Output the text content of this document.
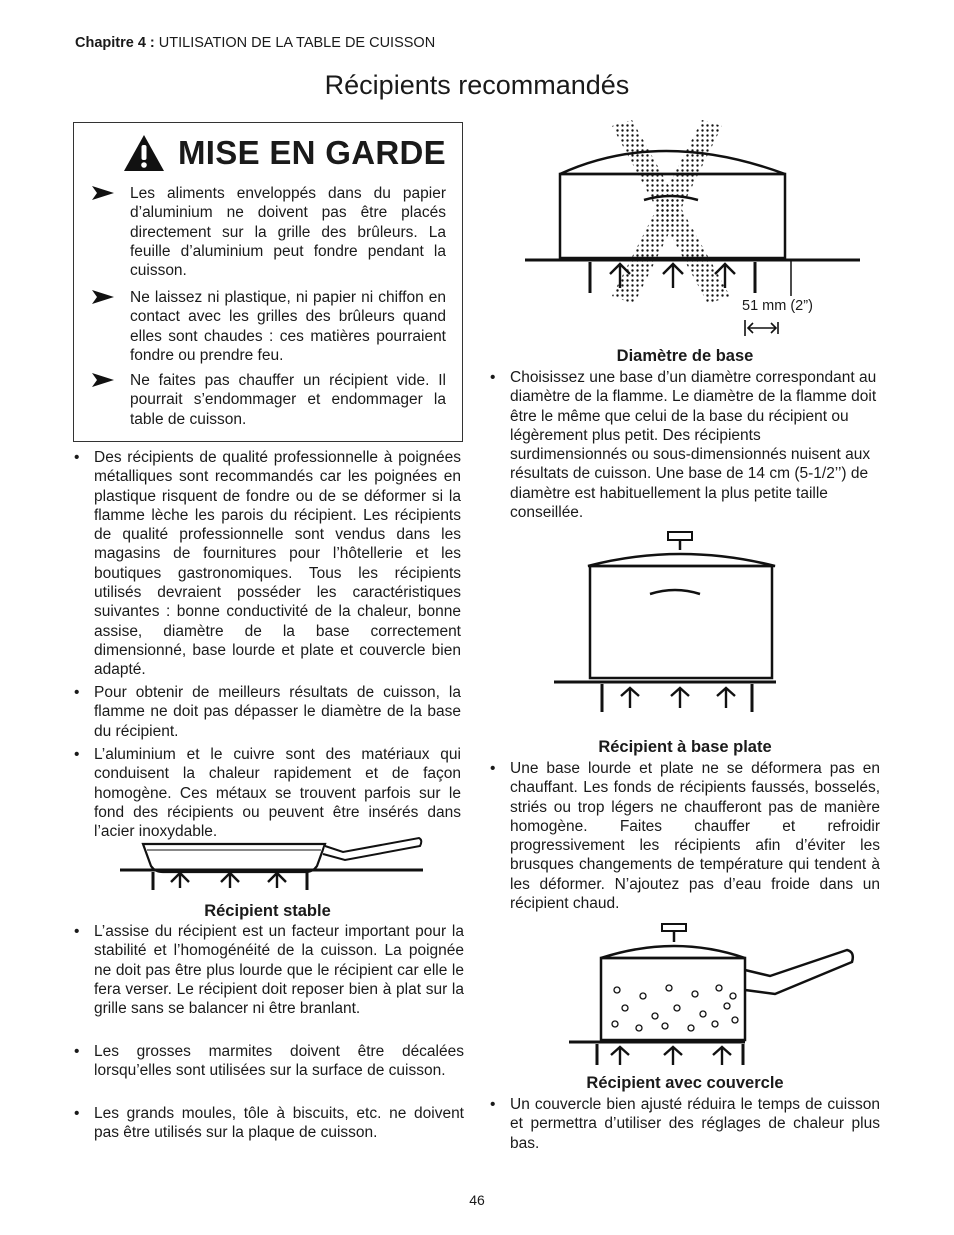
Chapitre 4 : UTILISATION DE LA TABLE DE CUISSON
Récipients recommandés
MISE EN GARDE
Les aliments enveloppés dans du papier d’aluminium ne doivent pas être placés directement sur la grille des brûleurs. La feuille d’aluminium peut fondre pendant la cuisson.
Ne laissez ni plastique, ni papier ni chiffon en contact avec les grilles des brûleurs quand elles sont chaudes : ces matières pourraient fondre ou prendre feu.
Ne faites pas chauffer un récipient vide. Il pourrait s’endommager et endommager la table de cuisson.
• Des récipients de qualité professionnelle à poignées métalliques sont recommandés car les poignées en plastique risquent de fondre ou de se déformer si la flamme lèche les parois du récipient. Les récipients de qualité professionnelle sont vendus dans les magasins de fournitures pour l’hôtellerie et les boutiques gastronomiques. Tous les récipients utilisés devraient posséder les caractéristiques suivantes : bonne conductivité de la chaleur, bonne assise, diamètre de la base correctement dimensionné, base lourde et plate et couvercle bien adapté.
• Pour obtenir de meilleurs résultats de cuisson, la flamme ne doit pas dépasser le diamètre de la base du récipient.
• L’aluminium et le cuivre sont des matériaux qui conduisent la chaleur rapidement et de façon homogène. Ces métaux se trouvent parfois sur le fond des récipients ou peuvent être insérés dans l’acier inoxydable.
Récipient stable
• L’assise du récipient est un facteur important pour la stabilité et l’homogénéité de la cuisson. La poignée ne doit pas être plus lourde que le récipient car elle le fera verser. Le récipient doit reposer bien à plat sur la grille sans se balancer ni être branlant.
• Les grosses marmites doivent être décalées lorsqu’elles sont utilisées sur la surface de cuisson.
• Les grands moules, tôle à biscuits, etc. ne doivent pas être utilisés sur la plaque de cuisson.
51 mm (2”)
Diamètre de base
• Choisissez une base d’un diamètre correspondant au diamètre de la flamme. Le diamètre de la flamme doit être le même que celui de la base du récipient ou légèrement plus petit. Des récipients surdimensionnés ou sous-dimensionnés nuisent aux résultats de cuisson. Une base de 14 cm (5-1/2’’) de diamètre est habituellement la plus petite taille conseillée.
Récipient à base plate
• Une base lourde et plate ne se déformera pas en chauffant. Les fonds de récipients faussés, bosselés, striés ou trop légers ne chaufferont pas de manière homogène. Faites chauffer et refroidir progressivement les récipients afin d’éviter les brusques changements de température qui tendent à les déformer. N’ajoutez pas d’eau froide dans un récipient chaud.
Récipient avec couvercle
• Un couvercle bien ajusté réduira le temps de cuisson et permettra d’utiliser des réglages de chaleur plus bas.
46
